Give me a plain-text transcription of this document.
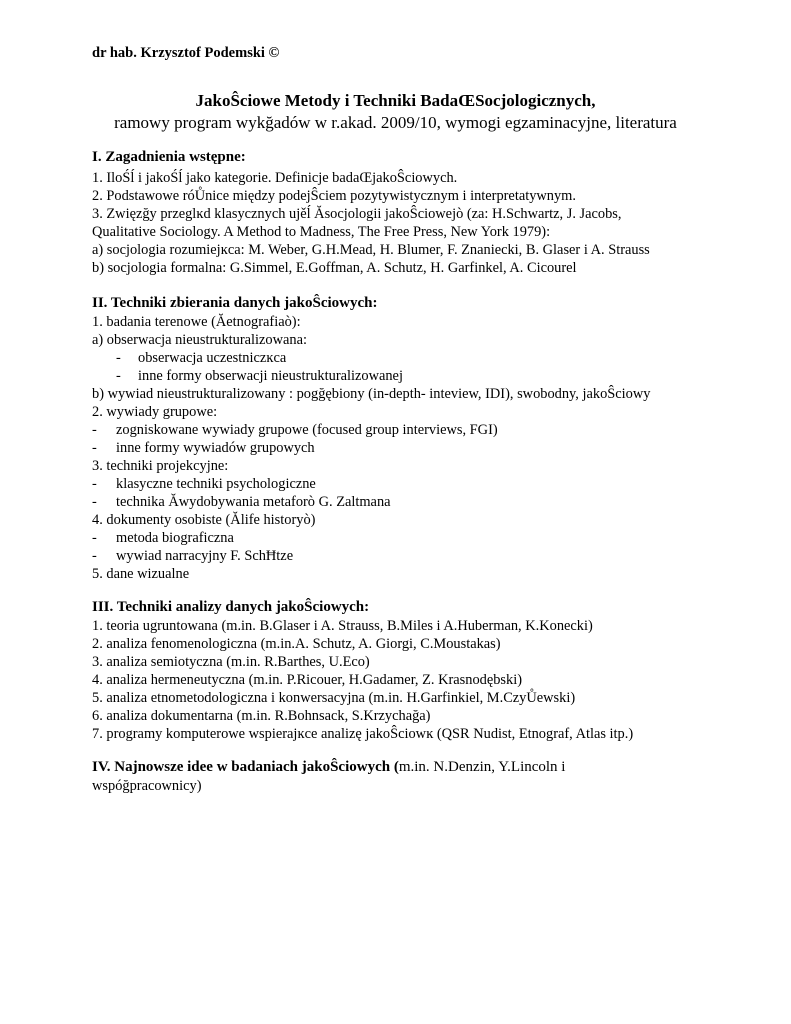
dr hab. Krzysztof Podemski ©
JakoŜciowe Metody i Techniki BadaŒSocjologicznych,
ramowy program wykğadów w r.akad. 2009/10, wymogi egzaminacyjne, literatura
I. Zagadnienia wstępne:
1. IloŚĺ i jakoŚĺ jako kategorie. Definicje badaŒjakoŜciowych.
2. Podstawowe róŮnice między podejŜciem pozytywistycznym i interpretatywnym.
3. Zwięzğy przeglĸd klasycznych ujěĺ Ăsocjologii jakoŜciowejò (za: H.Schwartz, J. Jacobs,
Qualitative Sociology. A Method to Madness, The Free Press, New York 1979):
a) socjologia rozumiejĸca: M. Weber, G.H.Mead, H. Blumer, F. Znaniecki, B. Glaser i A. Strauss
b) socjologia formalna: G.Simmel, E.Goffman, A. Schutz, H. Garfinkel, A. Cicourel
II. Techniki zbierania danych jakoŜciowych:
1. badania terenowe (Ăetnografiaò):
a) obserwacja nieustrukturalizowana:
- obserwacja uczestniczĸca
- inne formy obserwacji nieustrukturalizowanej
b) wywiad nieustrukturalizowany : pogğębiony (in-depth- inteview, IDI), swobodny, jakoŜciowy
2. wywiady grupowe:
- zogniskowane wywiady grupowe (focused group interviews, FGI)
- inne formy wywiadów grupowych
3. techniki projekcyjne:
- klasyczne techniki psychologiczne
- technika Ăwydobywania metaforò G. Zaltmana
4. dokumenty osobiste (Ălife historyò)
- metoda biograficzna
- wywiad narracyjny F. SchĦtze
5. dane wizualne
III. Techniki analizy danych jakoŜciowych:
1. teoria ugruntowana (m.in. B.Glaser i A. Strauss, B.Miles i A.Huberman, K.Konecki)
2. analiza fenomenologiczna (m.in.A. Schutz, A. Giorgi, C.Moustakas)
3. analiza semiotyczna (m.in. R.Barthes, U.Eco)
4. analiza hermeneutyczna (m.in. P.Ricouer, H.Gadamer, Z. Krasnodębski)
5. analiza etnometodologiczna i konwersacyjna (m.in. H.Garfinkiel, M.CzyŮewski)
6. analiza dokumentarna (m.in. R.Bohnsack, S.Krzychağa)
7. programy komputerowe wspierajĸce analizę jakoŜciowĸ (QSR Nudist, Etnograf, Atlas itp.)
IV. Najnowsze idee w badaniach jakoŜciowych (m.in. N.Denzin, Y.Lincoln i
wspóğpracownicy)
